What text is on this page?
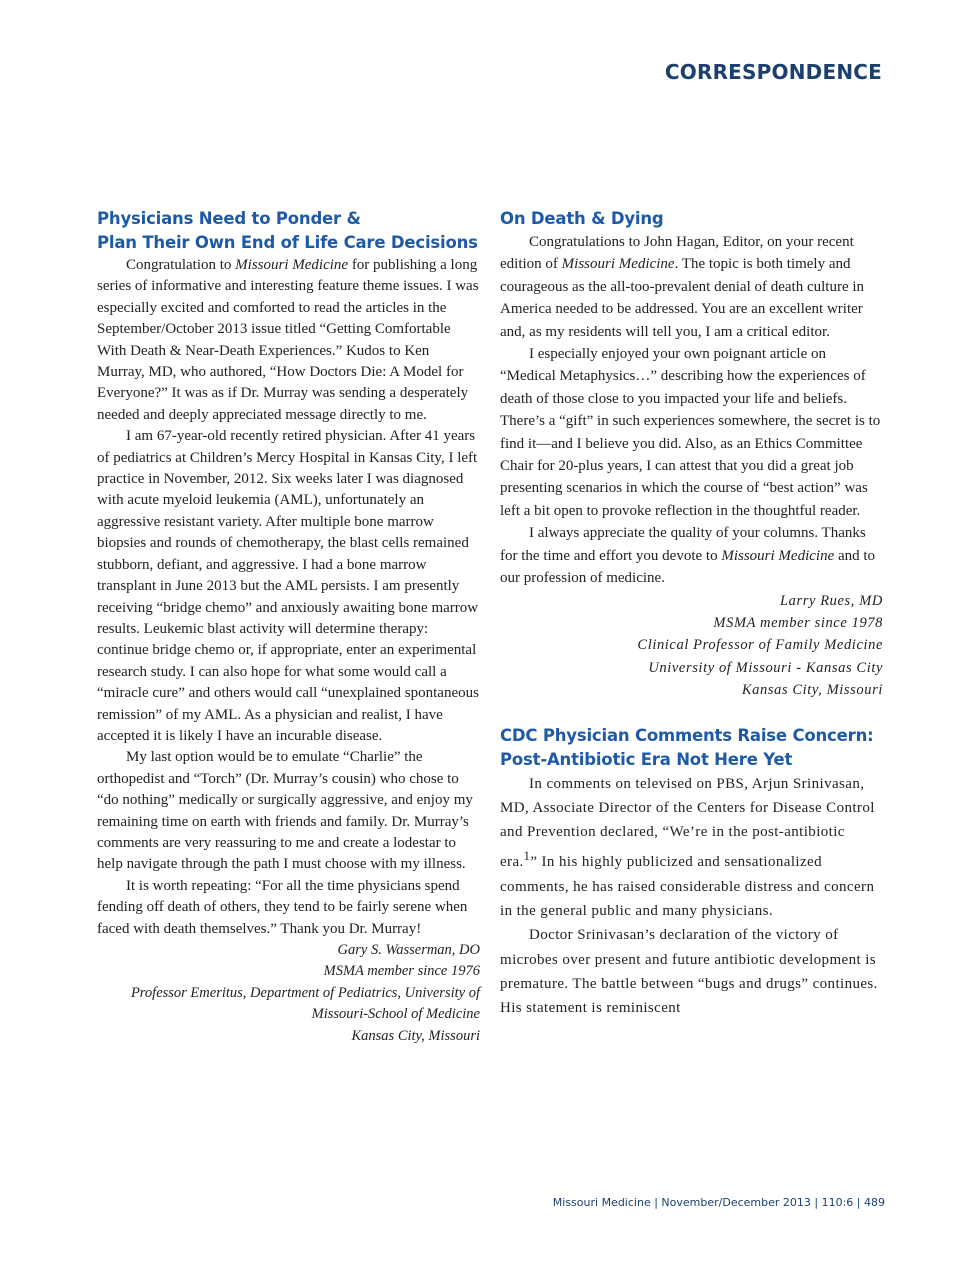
CORRESPONDENCE
Physicians Need to Ponder &
Plan Their Own End of Life Care Decisions

Congratulation to Missouri Medicine for publishing a long series of informative and interesting feature theme issues. I was especially excited and comforted to read the articles in the September/October 2013 issue titled “Getting Comfortable With Death & Near-Death Experiences.” Kudos to Ken Murray, MD, who authored, “How Doctors Die: A Model for Everyone?” It was as if Dr. Murray was sending a desperately needed and deeply appreciated message directly to me.

I am 67-year-old recently retired physician. After 41 years of pediatrics at Children’s Mercy Hospital in Kansas City, I left practice in November, 2012. Six weeks later I was diagnosed with acute myeloid leukemia (AML), unfortunately an aggressive resistant variety. After multiple bone marrow biopsies and rounds of chemotherapy, the blast cells remained stubborn, defiant, and aggressive. I had a bone marrow transplant in June 2013 but the AML persists. I am presently receiving “bridge chemo” and anxiously awaiting bone marrow results. Leukemic blast activity will determine therapy: continue bridge chemo or, if appropriate, enter an experimental research study. I can also hope for what some would call a “miracle cure” and others would call “unexplained spontaneous remission” of my AML. As a physician and realist, I have accepted it is likely I have an incurable disease.

My last option would be to emulate “Charlie” the orthopedist and “Torch” (Dr. Murray’s cousin) who chose to “do nothing” medically or surgically aggressive, and enjoy my remaining time on earth with friends and family. Dr. Murray’s comments are very reassuring to me and create a lodestar to help navigate through the path I must choose with my illness.

It is worth repeating: “For all the time physicians spend fending off death of others, they tend to be fairly serene when faced with death themselves.” Thank you Dr. Murray!

Gary S. Wasserman, DO
MSMA member since 1976
Professor Emeritus, Department of Pediatrics, University of
Missouri-School of Medicine
Kansas City, Missouri
On Death & Dying

Congratulations to John Hagan, Editor, on your recent edition of Missouri Medicine. The topic is both timely and courageous as the all-too-prevalent denial of death culture in America needed to be addressed. You are an excellent writer and, as my residents will tell you, I am a critical editor.

I especially enjoyed your own poignant article on “Medical Metaphysics…” describing how the experiences of death of those close to you impacted your life and beliefs. There’s a “gift” in such experiences somewhere, the secret is to find it—and I believe you did. Also, as an Ethics Committee Chair for 20-plus years, I can attest that you did a great job presenting scenarios in which the course of “best action” was left a bit open to provoke reflection in the thoughtful reader.

I always appreciate the quality of your columns. Thanks for the time and effort you devote to Missouri Medicine and to our profession of medicine.

Larry Rues, MD
MSMA member since 1978
Clinical Professor of Family Medicine
University of Missouri - Kansas City
Kansas City, Missouri
CDC Physician Comments Raise Concern:
Post-Antibiotic Era Not Here Yet

In comments on televised on PBS, Arjun Srinivasan, MD, Associate Director of the Centers for Disease Control and Prevention declared, “We’re in the post-antibiotic era.$^1$” In his highly publicized and sensationalized comments, he has raised considerable distress and concern in the general public and many physicians.

Doctor Srinivasan’s declaration of the victory of microbes over present and future antibiotic development is premature. The battle between “bugs and drugs” continues. His statement is reminiscent

Missouri Medicine | November/December 2013 | 110:6 | 489
